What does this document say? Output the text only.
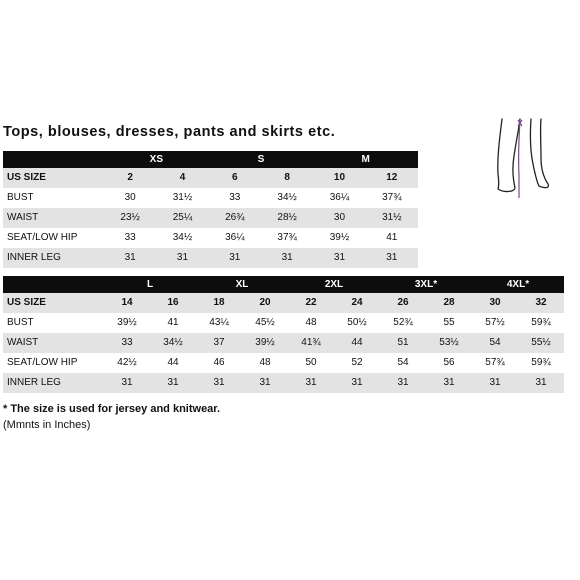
Tops, blouses, dresses, pants and skirts etc.
	XS		S		M	
US SIZE	2	4	6	8	10	12
BUST	30	31½	33	34½	36¼	37¾
WAIST	23½	25¼	26¾	28½	30	31½
SEAT/LOW HIP	33	34½	36¼	37¾	39½	41
INNER LEG	31	31	31	31	31	31
	L		XL		2XL		3XL*		4XL*	
US SIZE	14	16	18	20	22	24	26	28	30	32
BUST	39½	41	43¼	45½	48	50½	52¾	55	57½	59¾
WAIST	33	34½	37	39½	41¾	44	51	53½	54	55½
SEAT/LOW HIP	42½	44	46	48	50	52	54	56	57¾	59¾
INNER LEG	31	31	31	31	31	31	31	31	31	31
* The size is used for jersey and knitwear.
(Mmnts in Inches)
